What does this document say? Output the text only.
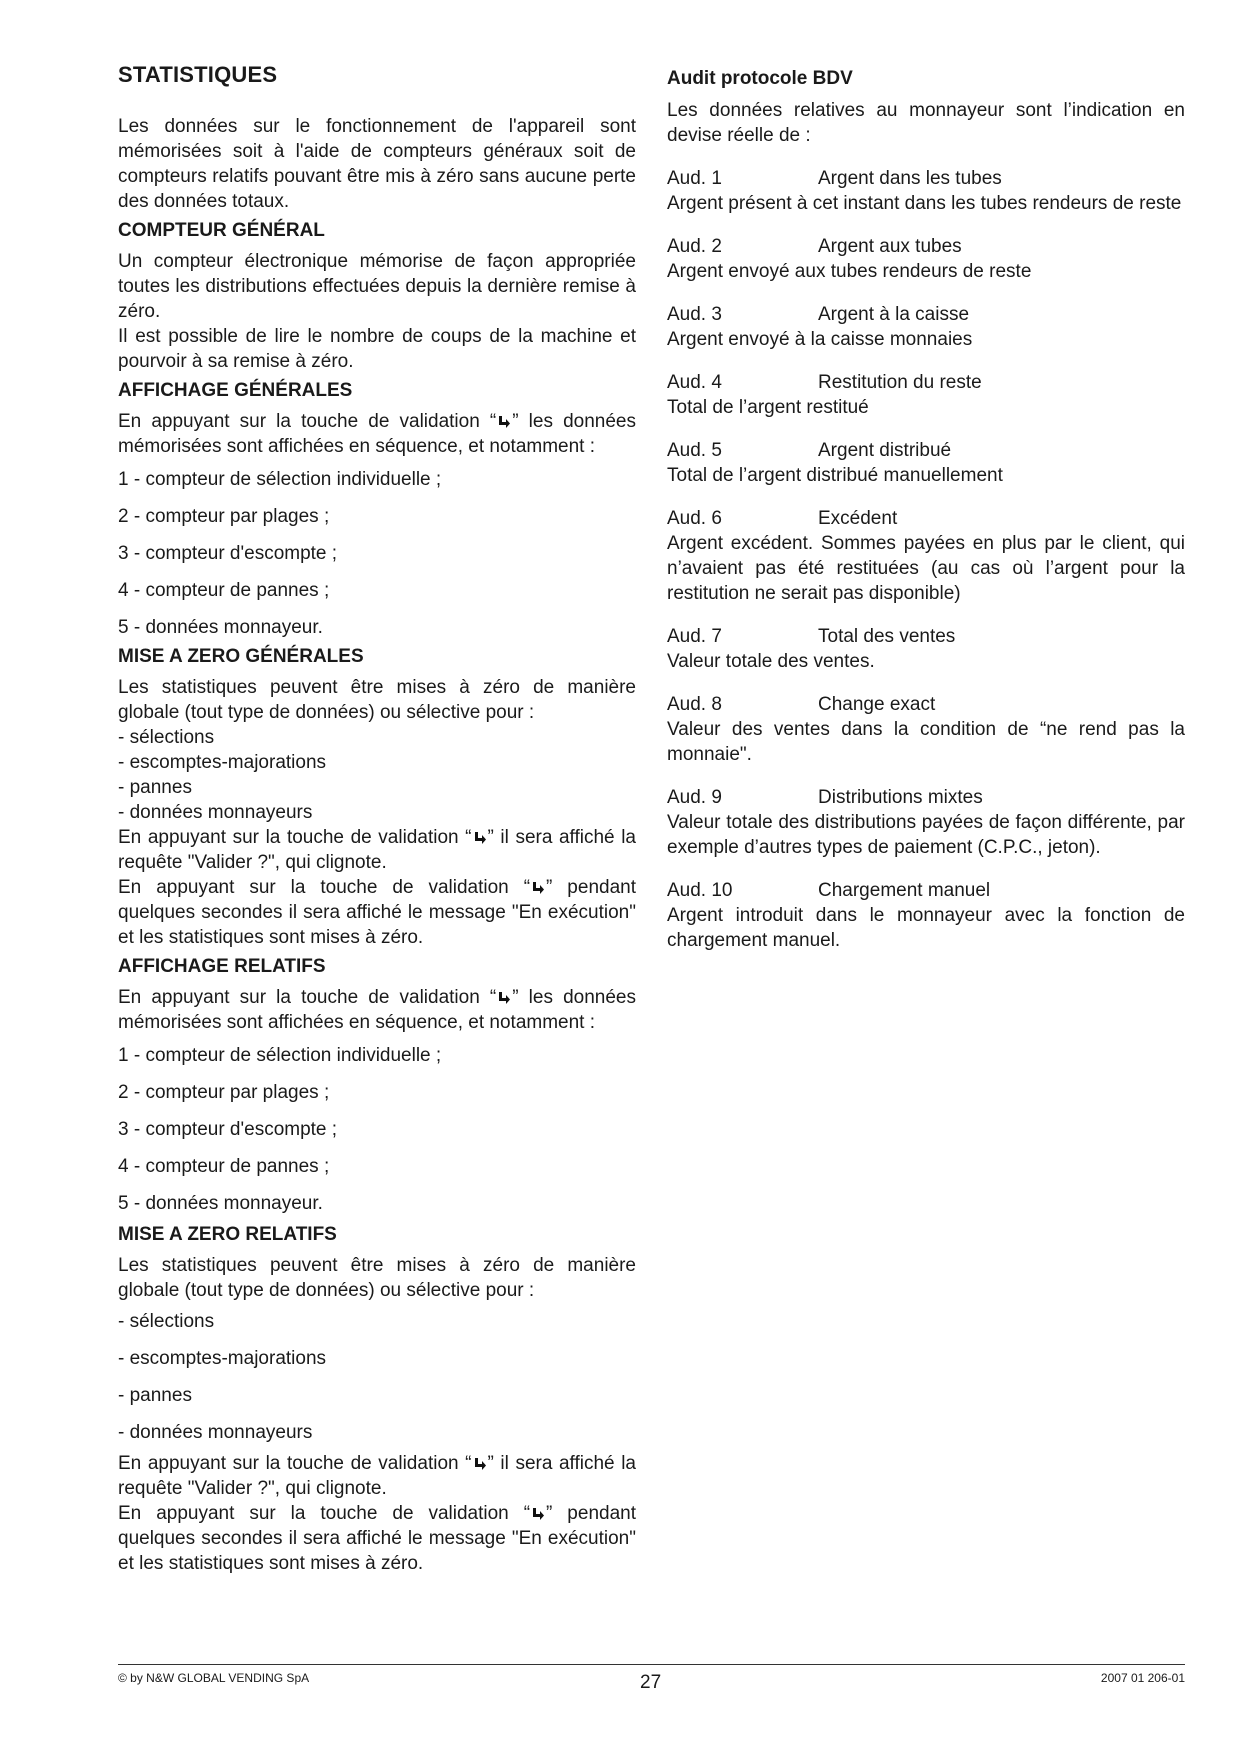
STATISTIQUES

Les données sur le fonctionnement de l'appareil sont mémorisées soit à l'aide de compteurs généraux soit de compteurs relatifs pouvant être mis à zéro sans aucune perte des données totaux.

COMPTEUR GÉNÉRAL

Un compteur électronique mémorise de façon appropriée toutes les distributions effectuées depuis la dernière remise à zéro.

Il est possible de lire le nombre de coups de la machine et pourvoir à sa remise à zéro.

AFFICHAGE GÉNÉRALES

En appuyant sur la touche de validation “ ” les données mémorisées sont affichées en séquence, et notamment :

1 - compteur de sélection individuelle ;
2 - compteur par plages ;
3 - compteur d'escompte ;
4 - compteur de pannes ;
5 - données monnayeur.
MISE A ZERO GÉNÉRALES

Les statistiques peuvent être mises à zéro de manière globale (tout type de données) ou sélective pour :

- sélections
- escomptes-majorations
- pannes
- données monnayeurs

En appuyant sur la touche de validation “ ” il sera affiché la requête "Valider ?", qui clignote.

En appuyant sur la touche de validation “ ” pendant quelques secondes il sera affiché le message "En exécution" et les statistiques sont mises à zéro.

AFFICHAGE RELATIFS

En appuyant sur la touche de validation “ ” les données mémorisées sont affichées en séquence, et notamment :

1 - compteur de sélection individuelle ;
2 - compteur par plages ;
3 - compteur d'escompte ;
4 - compteur de pannes ;
5 - données monnayeur.
MISE A ZERO RELATIFS

Les statistiques peuvent être mises à zéro de manière globale (tout type de données) ou sélective pour :

- sélections
- escomptes-majorations
- pannes
- données monnayeurs

En appuyant sur la touche de validation “ ” il sera affiché la requête "Valider ?", qui clignote.

En appuyant sur la touche de validation “ ” pendant quelques secondes il sera affiché le message "En exécution" et les statistiques sont mises à zéro.

Audit protocole BDV

Les données relatives au monnayeur sont l’indication en devise réelle de :

Aud. 1	Argent dans les tubes
Argent présent à cet instant dans les tubes rendeurs de reste
Aud. 2	Argent aux tubes
Argent envoyé aux tubes rendeurs de reste
Aud. 3	Argent à la caisse
Argent envoyé à la caisse monnaies
Aud. 4	Restitution du reste
Total de l’argent restitué
Aud. 5	Argent distribué
Total de l’argent distribué manuellement
Aud. 6	Excédent
Argent excédent. Sommes payées en plus par le client, qui n’avaient pas été restituées (au cas où l’argent pour la restitution ne serait pas disponible)
Aud. 7	Total des ventes
Valeur totale des ventes.
Aud. 8	Change exact
Valeur des ventes dans la condition de “ne rend pas la monnaie".
Aud. 9	Distributions mixtes
Valeur totale des distributions payées de façon différente, par exemple d’autres types de paiement (C.P.C., jeton).
Aud. 10	Chargement manuel
Argent introduit dans le monnayeur avec la fonction de chargement manuel.
© by N&W GLOBAL VENDING SpA	27	2007 01 206-01
